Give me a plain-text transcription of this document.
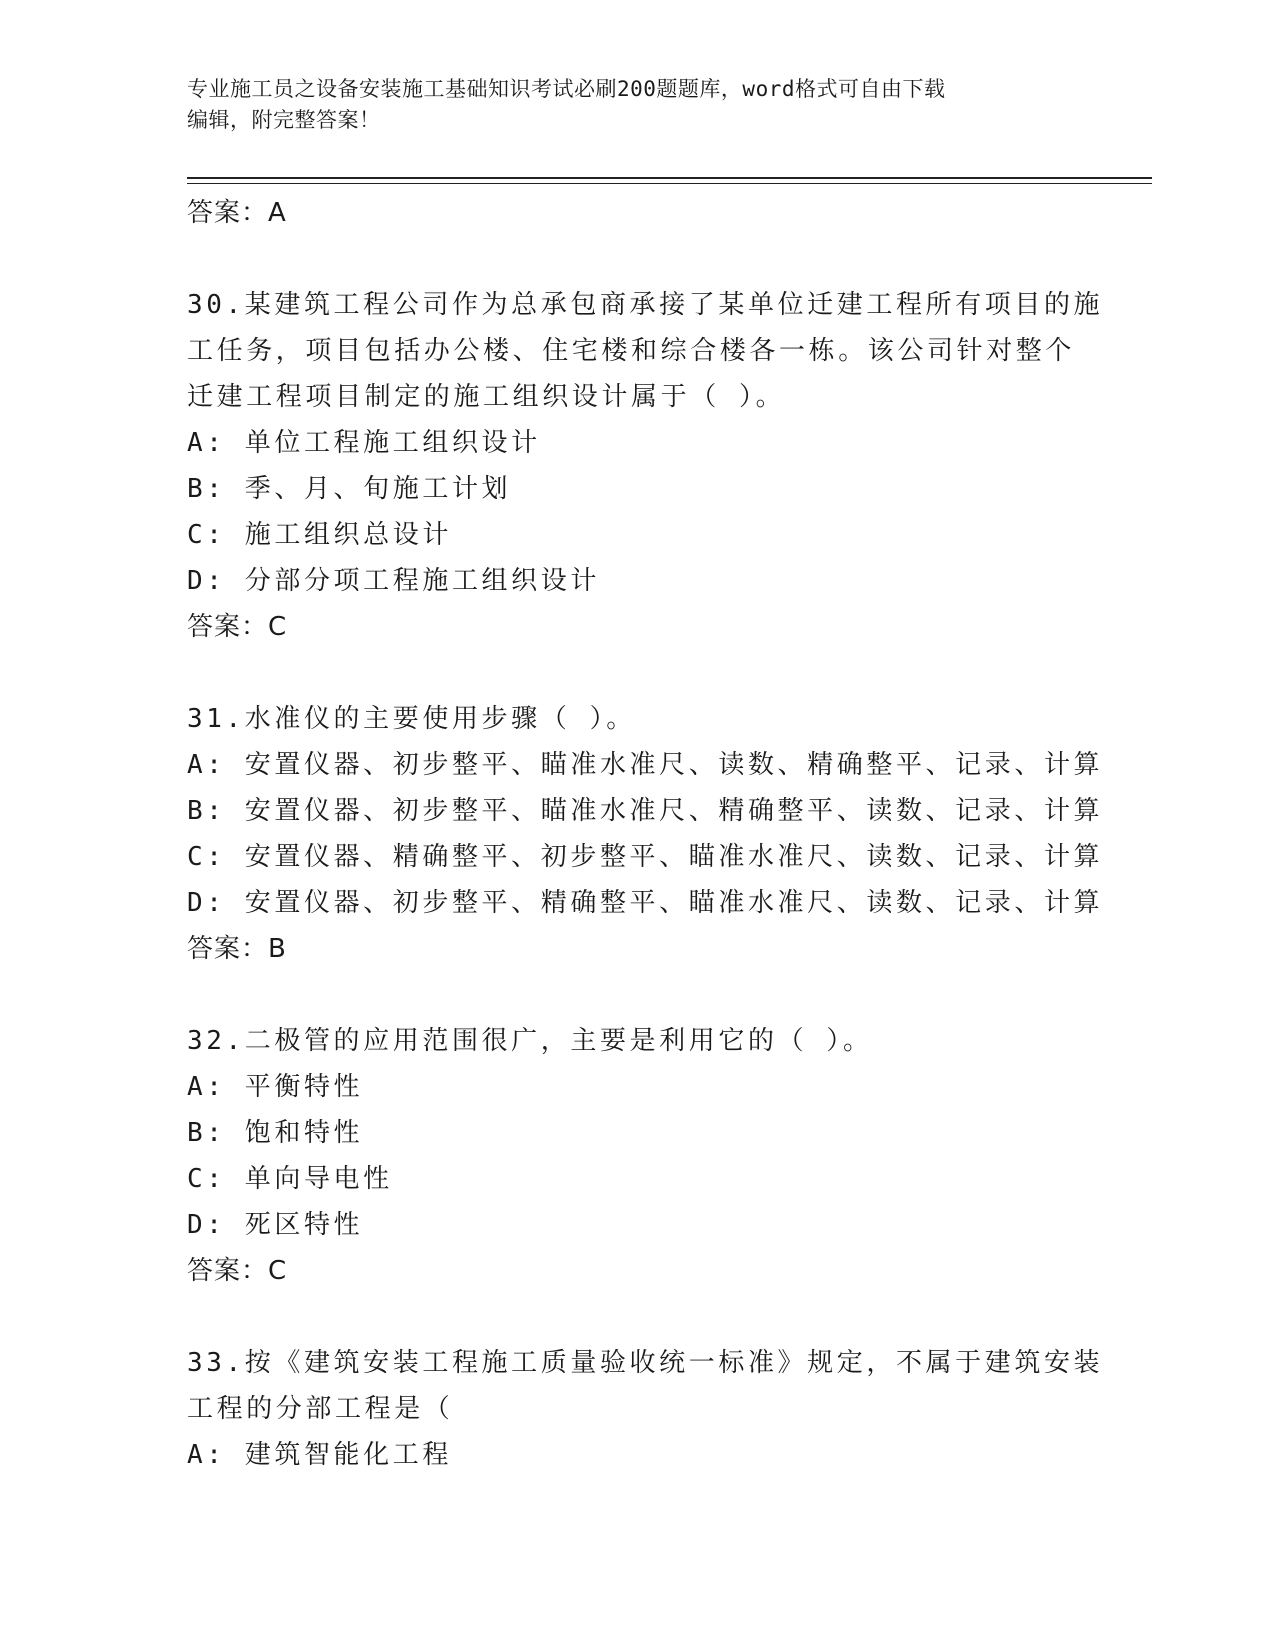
专业施工员之设备安装施工基础知识考试必刷200题题库，word格式可自由下载
编辑，附完整答案！
答案：A
30.某建筑工程公司作为总承包商承接了某单位迁建工程所有项目的施
工任务，项目包括办公楼、住宅楼和综合楼各一栋。该公司针对整个
迁建工程项目制定的施工组织设计属于（ ）。
A: 单位工程施工组织设计
B: 季、月、旬施工计划
C: 施工组织总设计
D: 分部分项工程施工组织设计
答案：C
31.水准仪的主要使用步骤（ ）。
A: 安置仪器、初步整平、瞄准水准尺、读数、精确整平、记录、计算
B: 安置仪器、初步整平、瞄准水准尺、精确整平、读数、记录、计算
C: 安置仪器、精确整平、初步整平、瞄准水准尺、读数、记录、计算
D: 安置仪器、初步整平、精确整平、瞄准水准尺、读数、记录、计算
答案：B
32.二极管的应用范围很广，主要是利用它的（ ）。
A: 平衡特性
B: 饱和特性
C: 单向导电性
D: 死区特性
答案：C
33.按《建筑安装工程施工质量验收统一标准》规定，不属于建筑安装
工程的分部工程是（
A: 建筑智能化工程
